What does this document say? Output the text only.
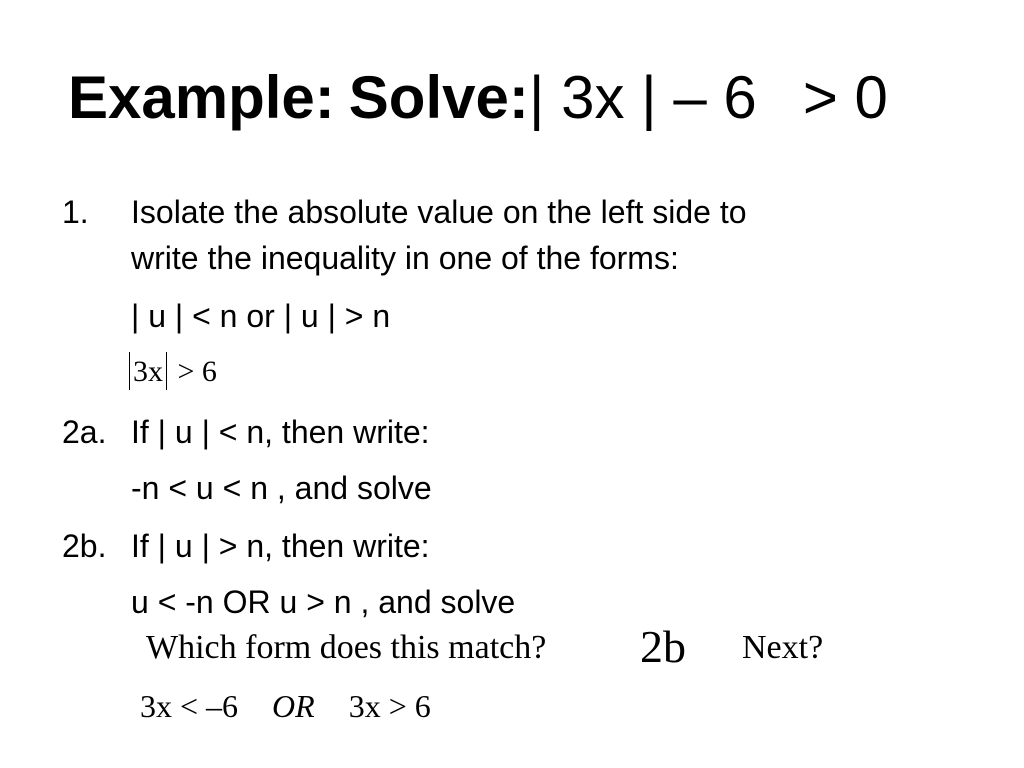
Example: Solve:| 3x | – 6 > 0
1. Isolate the absolute value on the left side to
write the inequality in one of the forms:
| u | < n or | u | > n
3x > 6
2a. If | u | < n, then write:
-n < u < n , and solve
2b. If | u | > n, then write:
u < -n OR u > n , and solve
Which form does this match? 2b Next?
3x < –6 OR 3x > 6
